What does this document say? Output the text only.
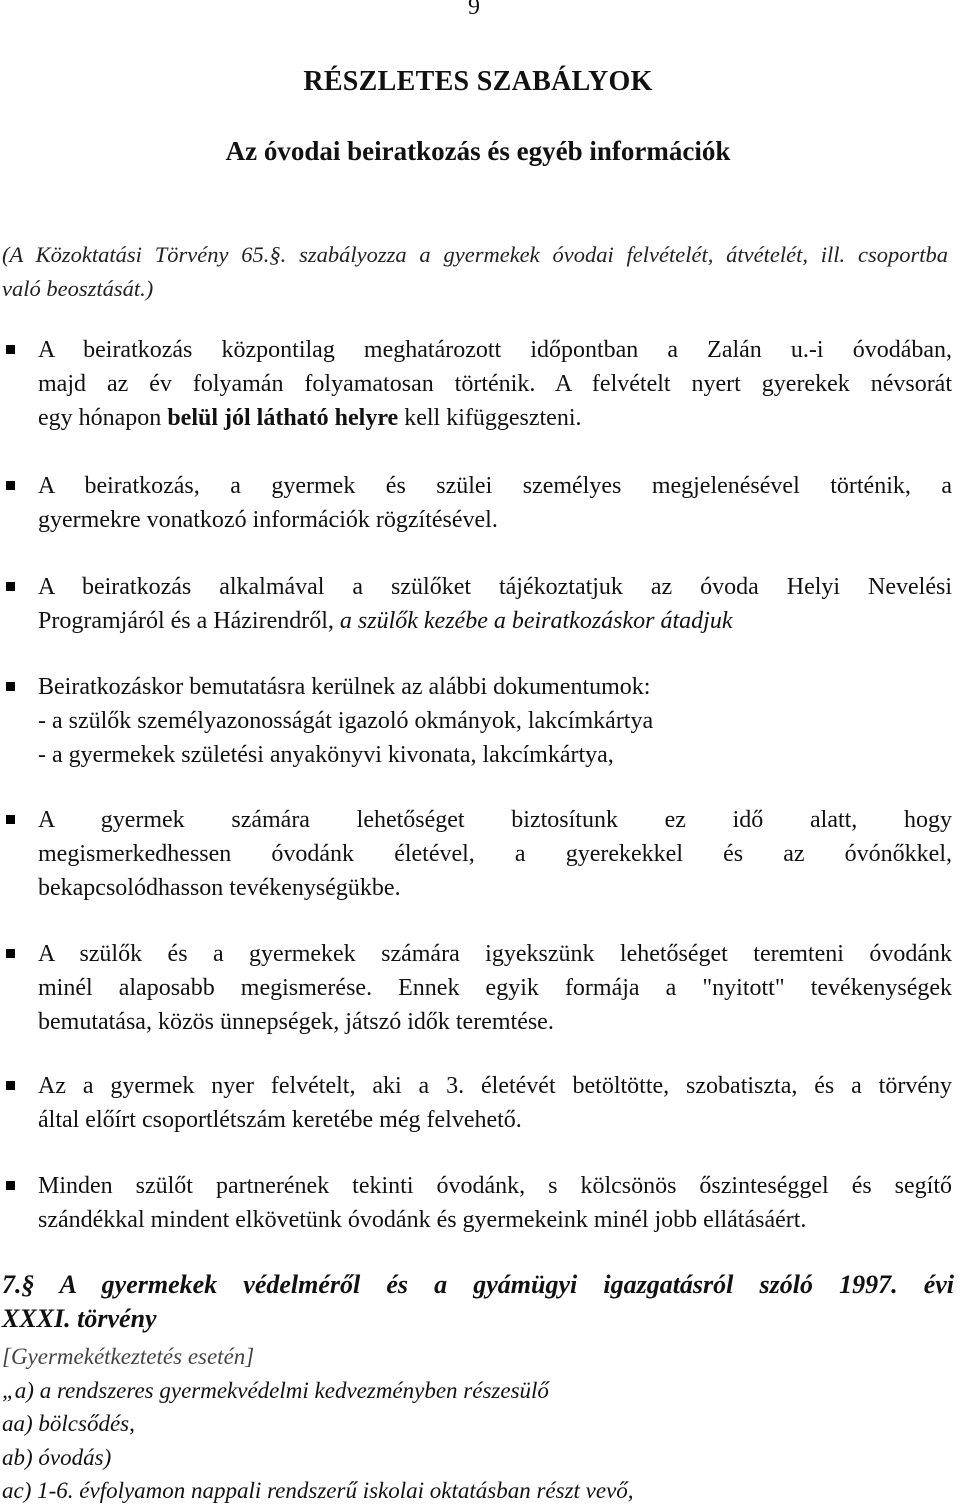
9
RÉSZLETES SZABÁLYOK
Az óvodai beiratkozás és egyéb információk

(A Közoktatási Törvény 65.§. szabályozza a gyermekek óvodai felvételét, átvételét, ill. csoportba

való beosztását.)

A beiratkozás központilag meghatározott időpontban a Zalán u.-i óvodában,
majd az év folyamán folyamatosan történik. A felvételt nyert gyerekek névsorát
egy hónapon belül jól látható helyre kell kifüggeszteni.
A beiratkozás, a gyermek és szülei személyes megjelenésével történik, a
gyermekre vonatkozó információk rögzítésével.
A beiratkozás alkalmával a szülőket tájékoztatjuk az óvoda Helyi Nevelési
Programjáról és a Házirendről, a szülők kezébe a beiratkozáskor átadjuk
Beiratkozáskor bemutatásra kerülnek az alábbi dokumentumok:
- a szülők személyazonosságát igazoló okmányok, lakcímkártya
- a gyermekek születési anyakönyvi kivonata, lakcímkártya,
A gyermek számára lehetőséget biztosítunk ez idő alatt, hogy
megismerkedhessen óvodánk életével, a gyerekekkel és az óvónőkkel,
bekapcsolódhasson tevékenységükbe.
A szülők és a gyermekek számára igyekszünk lehetőséget teremteni óvodánk
minél alaposabb megismerése. Ennek egyik formája a "nyitott" tevékenységek
bemutatása, közös ünnepségek, játszó idők teremtése.
Az a gyermek nyer felvételt, aki a 3. életévét betöltötte, szobatiszta, és a törvény
által előírt csoportlétszám keretébe még felvehető.
Minden szülőt partnerének tekinti óvodánk, s kölcsönös őszinteséggel és segítő
szándékkal mindent elkövetünk óvodánk és gyermekeink minél jobb ellátásáért.
7.§ A gyermekek védelméről és a gyámügyi igazgatásról szóló 1997. évi
XXXI. törvény
[Gyermekétkeztetés esetén]
„a) a rendszeres gyermekvédelmi kedvezményben részesülő
aa) bölcsődés,
ab) óvodás)
ac) 1-6. évfolyamon nappali rendszerű iskolai oktatásban részt vevő,
